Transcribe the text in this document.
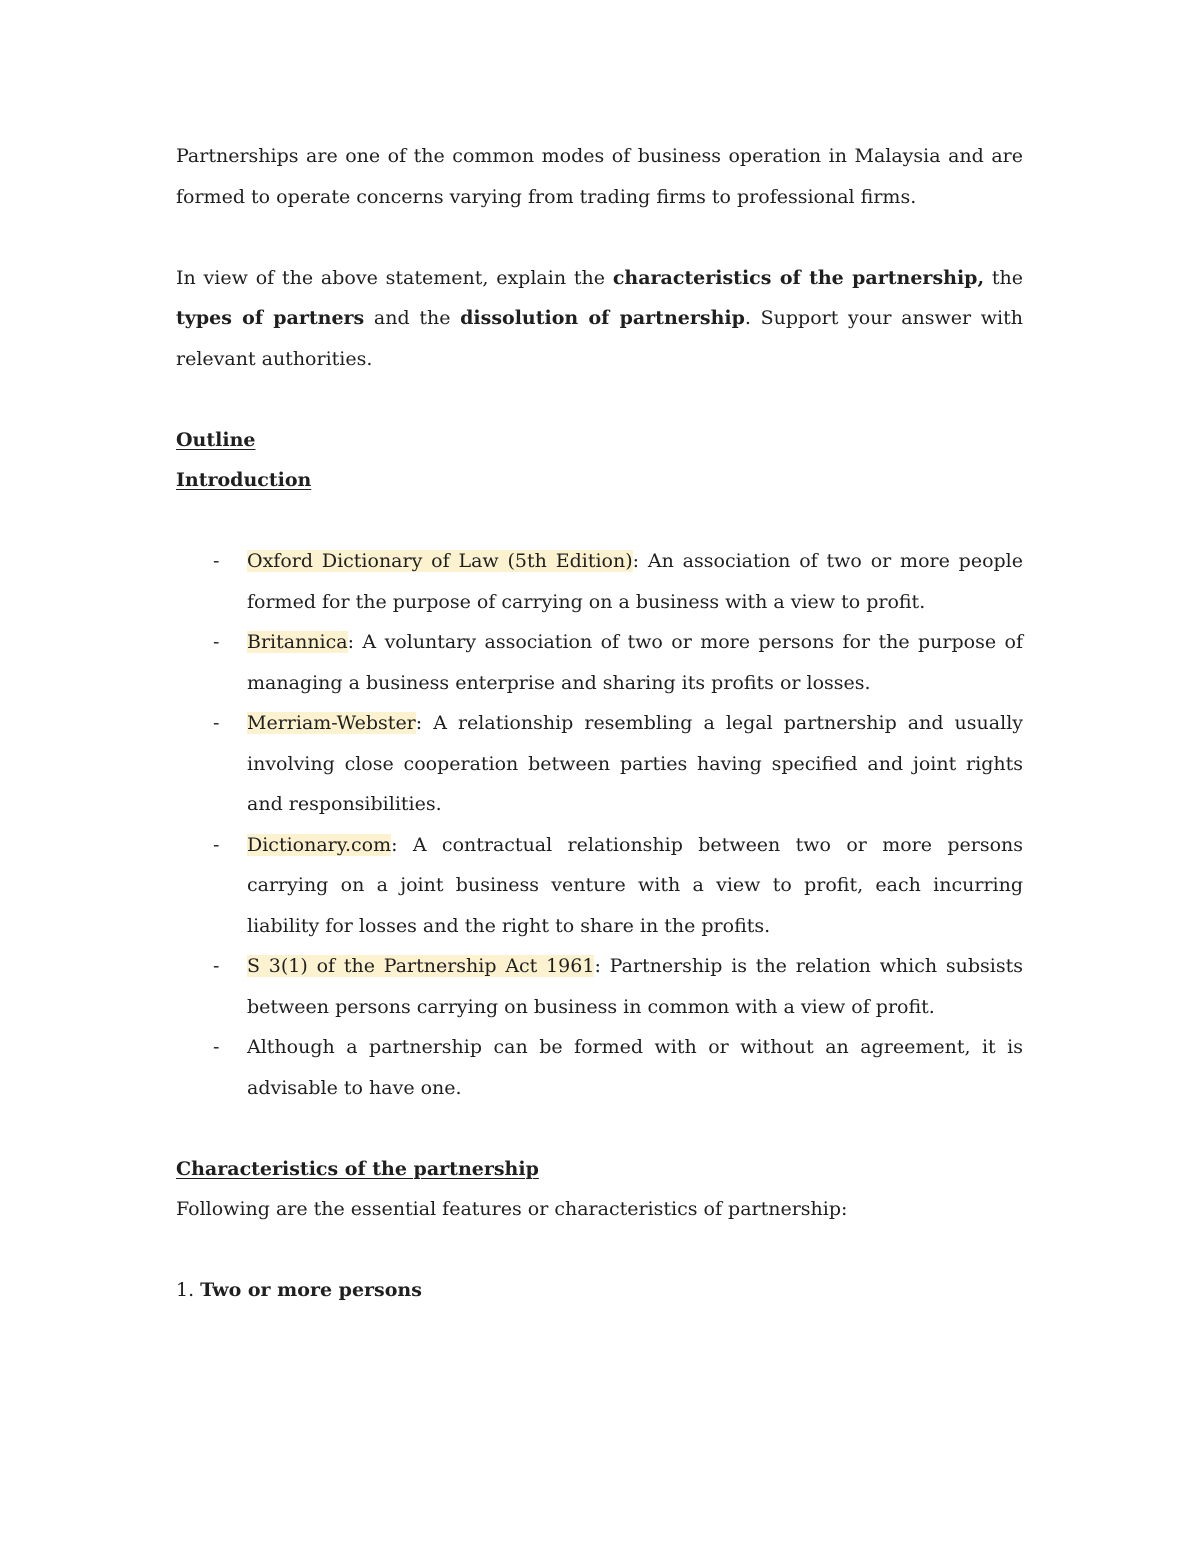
Partnerships are one of the common modes of business operation in Malaysia and are formed to operate concerns varying from trading firms to professional firms.

In view of the above statement, explain the characteristics of the partnership, the types of partners and the dissolution of partnership. Support your answer with relevant authorities.

Outline

Introduction

- Oxford Dictionary of Law (5th Edition): An association of two or more people formed for the purpose of carrying on a business with a view to profit.
- Britannica: A voluntary association of two or more persons for the purpose of managing a business enterprise and sharing its profits or losses.
- Merriam-Webster: A relationship resembling a legal partnership and usually involving close cooperation between parties having specified and joint rights and responsibilities.
- Dictionary.com: A contractual relationship between two or more persons carrying on a joint business venture with a view to profit, each incurring liability for losses and the right to share in the profits.
- S 3(1) of the Partnership Act 1961: Partnership is the relation which subsists between persons carrying on business in common with a view of profit.
- Although a partnership can be formed with or without an agreement, it is advisable to have one.

Characteristics of the partnership

Following are the essential features or characteristics of partnership:

1. Two or more persons
